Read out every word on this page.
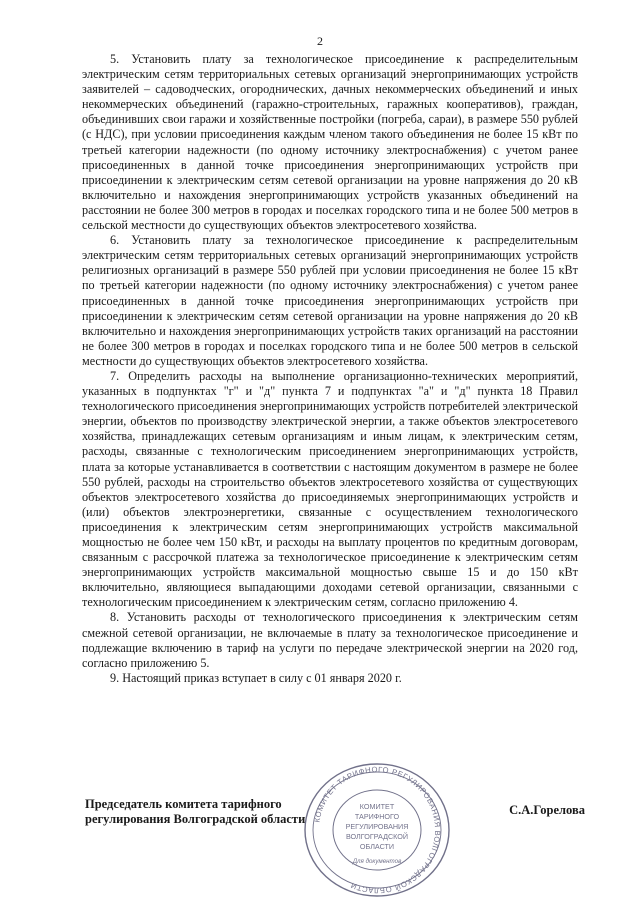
2

5. Установить плату за технологическое присоединение к распределительным электрическим сетям территориальных сетевых организаций энергопринимающих устройств заявителей – садоводческих, огороднических, дачных некоммерческих объединений и иных некоммерческих объединений (гаражно-строительных, гаражных кооперативов), граждан, объединивших свои гаражи и хозяйственные постройки (погреба, сараи), в размере 550 рублей (с НДС), при условии присоединения каждым членом такого объединения не более 15 кВт по третьей категории надежности (по одному источнику электроснабжения) с учетом ранее присоединенных в данной точке присоединения энергопринимающих устройств при присоединении к электрическим сетям сетевой организации на уровне напряжения до 20 кВ включительно и нахождения энергопринимающих устройств указанных объединений на расстоянии не более 300 метров в городах и поселках городского типа и не более 500 метров в сельской местности до существующих объектов электросетевого хозяйства.

6. Установить плату за технологическое присоединение к распределительным электрическим сетям территориальных сетевых организаций энергопринимающих устройств религиозных организаций в размере 550 рублей при условии присоединения не более 15 кВт по третьей категории надежности (по одному источнику электроснабжения) с учетом ранее присоединенных в данной точке присоединения энергопринимающих устройств при присоединении к электрическим сетям сетевой организации на уровне напряжения до 20 кВ включительно и нахождения энергопринимающих устройств таких организаций на расстоянии не более 300 метров в городах и поселках городского типа и не более 500 метров в сельской местности до существующих объектов электросетевого хозяйства.

7. Определить расходы на выполнение организационно-технических мероприятий, указанных в подпунктах "г" и "д" пункта 7 и подпунктах "а" и "д" пункта 18 Правил технологического присоединения энергопринимающих устройств потребителей электрической энергии, объектов по производству электрической энергии, а также объектов электросетевого хозяйства, принадлежащих сетевым организациям и иным лицам, к электрическим сетям, расходы, связанные с технологическим присоединением энергопринимающих устройств, плата за которые устанавливается в соответствии с настоящим документом в размере не более 550 рублей, расходы на строительство объектов электросетевого хозяйства от существующих объектов электросетевого хозяйства до присоединяемых энергопринимающих устройств и (или) объектов электроэнергетики, связанные с осуществлением технологического присоединения к электрическим сетям энергопринимающих устройств максимальной мощностью не более чем 150 кВт, и расходы на выплату процентов по кредитным договорам, связанным с рассрочкой платежа за технологическое присоединение к электрическим сетям энергопринимающих устройств максимальной мощностью свыше 15 и до 150 кВт включительно, являющиеся выпадающими доходами сетевой организации, связанными с технологическим присоединением к электрическим сетям, согласно приложению 4.

8. Установить расходы от технологического присоединения к электрическим сетям смежной сетевой организации, не включаемые в плату за технологическое присоединение и подлежащие включению в тариф на услуги по передаче электрической энергии на 2020 год, согласно приложению 5.

9. Настоящий приказ вступает в силу с 01 января 2020 г.

Председатель комитета тарифного
регулирования Волгоградской области
С.А.Горелова
КОМИТЕТ ТАРИФНОГО РЕГУЛИРОВАНИЯ ВОЛГОГРАДСКОЙ ОБЛАСТИ
КОМИТЕТ
ТАРИФНОГО
РЕГУЛИРОВАНИЯ
ВОЛГОГРАДСКОЙ
ОБЛАСТИ
Для документов
